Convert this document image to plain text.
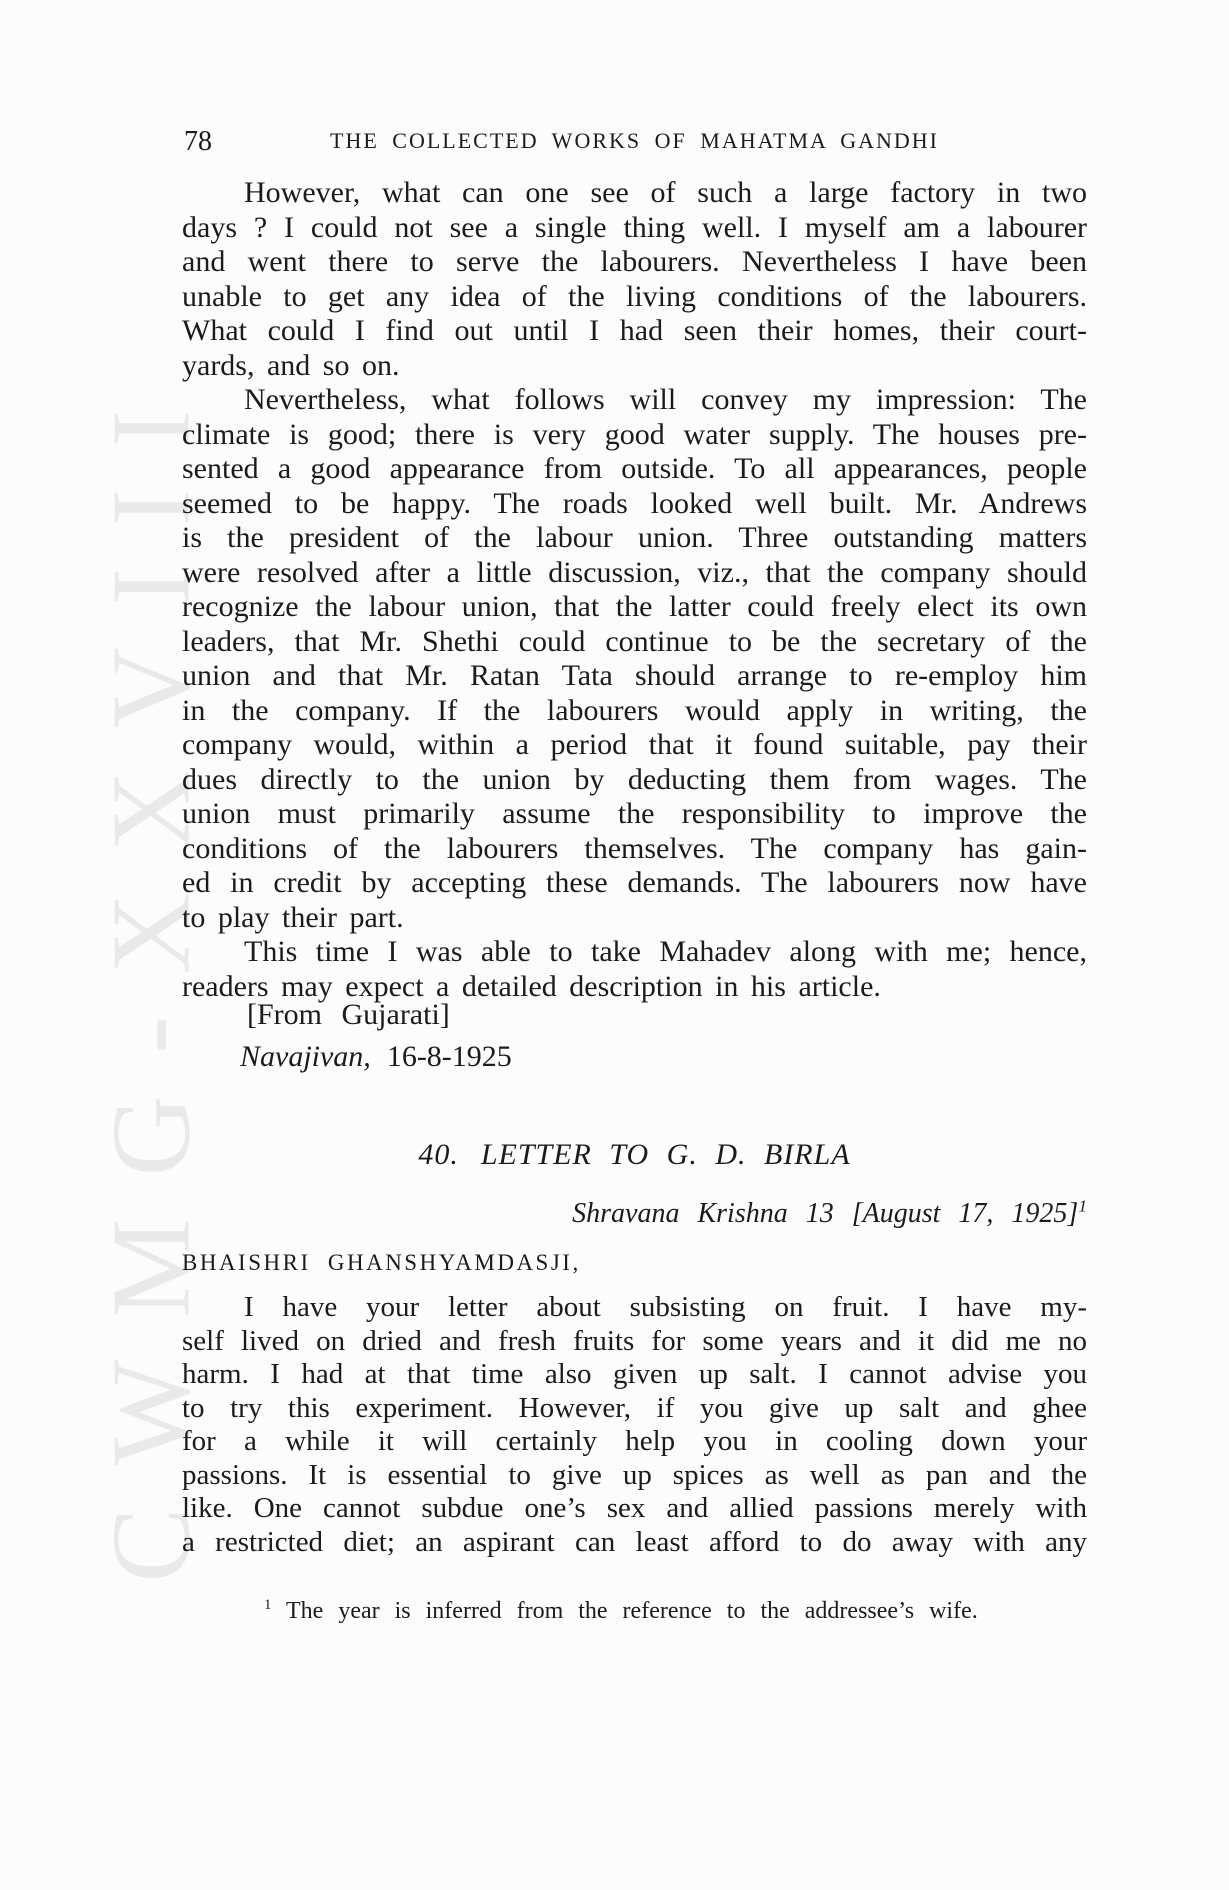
CWMG-XXVIII
78	THE COLLECTED WORKS OF MAHATMA GANDHI
However, what can one see of such a large factory in two
days ? I could not see a single thing well. I myself am a labourer
and went there to serve the labourers. Nevertheless I have been
unable to get any idea of the living conditions of the labourers.
What could I find out until I had seen their homes, their court-
yards, and so on.
Nevertheless, what follows will convey my impression: The
climate is good; there is very good water supply. The houses pre-
sented a good appearance from outside. To all appearances, people
seemed to be happy. The roads looked well built. Mr. Andrews
is the president of the labour union. Three outstanding matters
were resolved after a little discussion, viz., that the company should
recognize the labour union, that the latter could freely elect its own
leaders, that Mr. Shethi could continue to be the secretary of the
union and that Mr. Ratan Tata should arrange to re-employ him
in the company. If the labourers would apply in writing, the
company would, within a period that it found suitable, pay their
dues directly to the union by deducting them from wages. The
union must primarily assume the responsibility to improve the
conditions of the labourers themselves. The company has gain-
ed in credit by accepting these demands. The labourers now have
to play their part.
This time I was able to take Mahadev along with me; hence,
readers may expect a detailed description in his article.
[From Gujarati]
Navajivan, 16-8-1925
40. LETTER TO G. D. BIRLA
Shravana Krishna 13 [August 17, 1925]$^1$
BHAISHRI GHANSHYAMDASJI,
I have your letter about subsisting on fruit. I have my-
self lived on dried and fresh fruits for some years and it did me no
harm. I had at that time also given up salt. I cannot advise you
to try this experiment. However, if you give up salt and ghee
for a while it will certainly help you in cooling down your
passions. It is essential to give up spices as well as pan and the
like. One cannot subdue one’s sex and allied passions merely with
a restricted diet; an aspirant can least afford to do away with any
$^1$ The year is inferred from the reference to the addressee’s wife.
